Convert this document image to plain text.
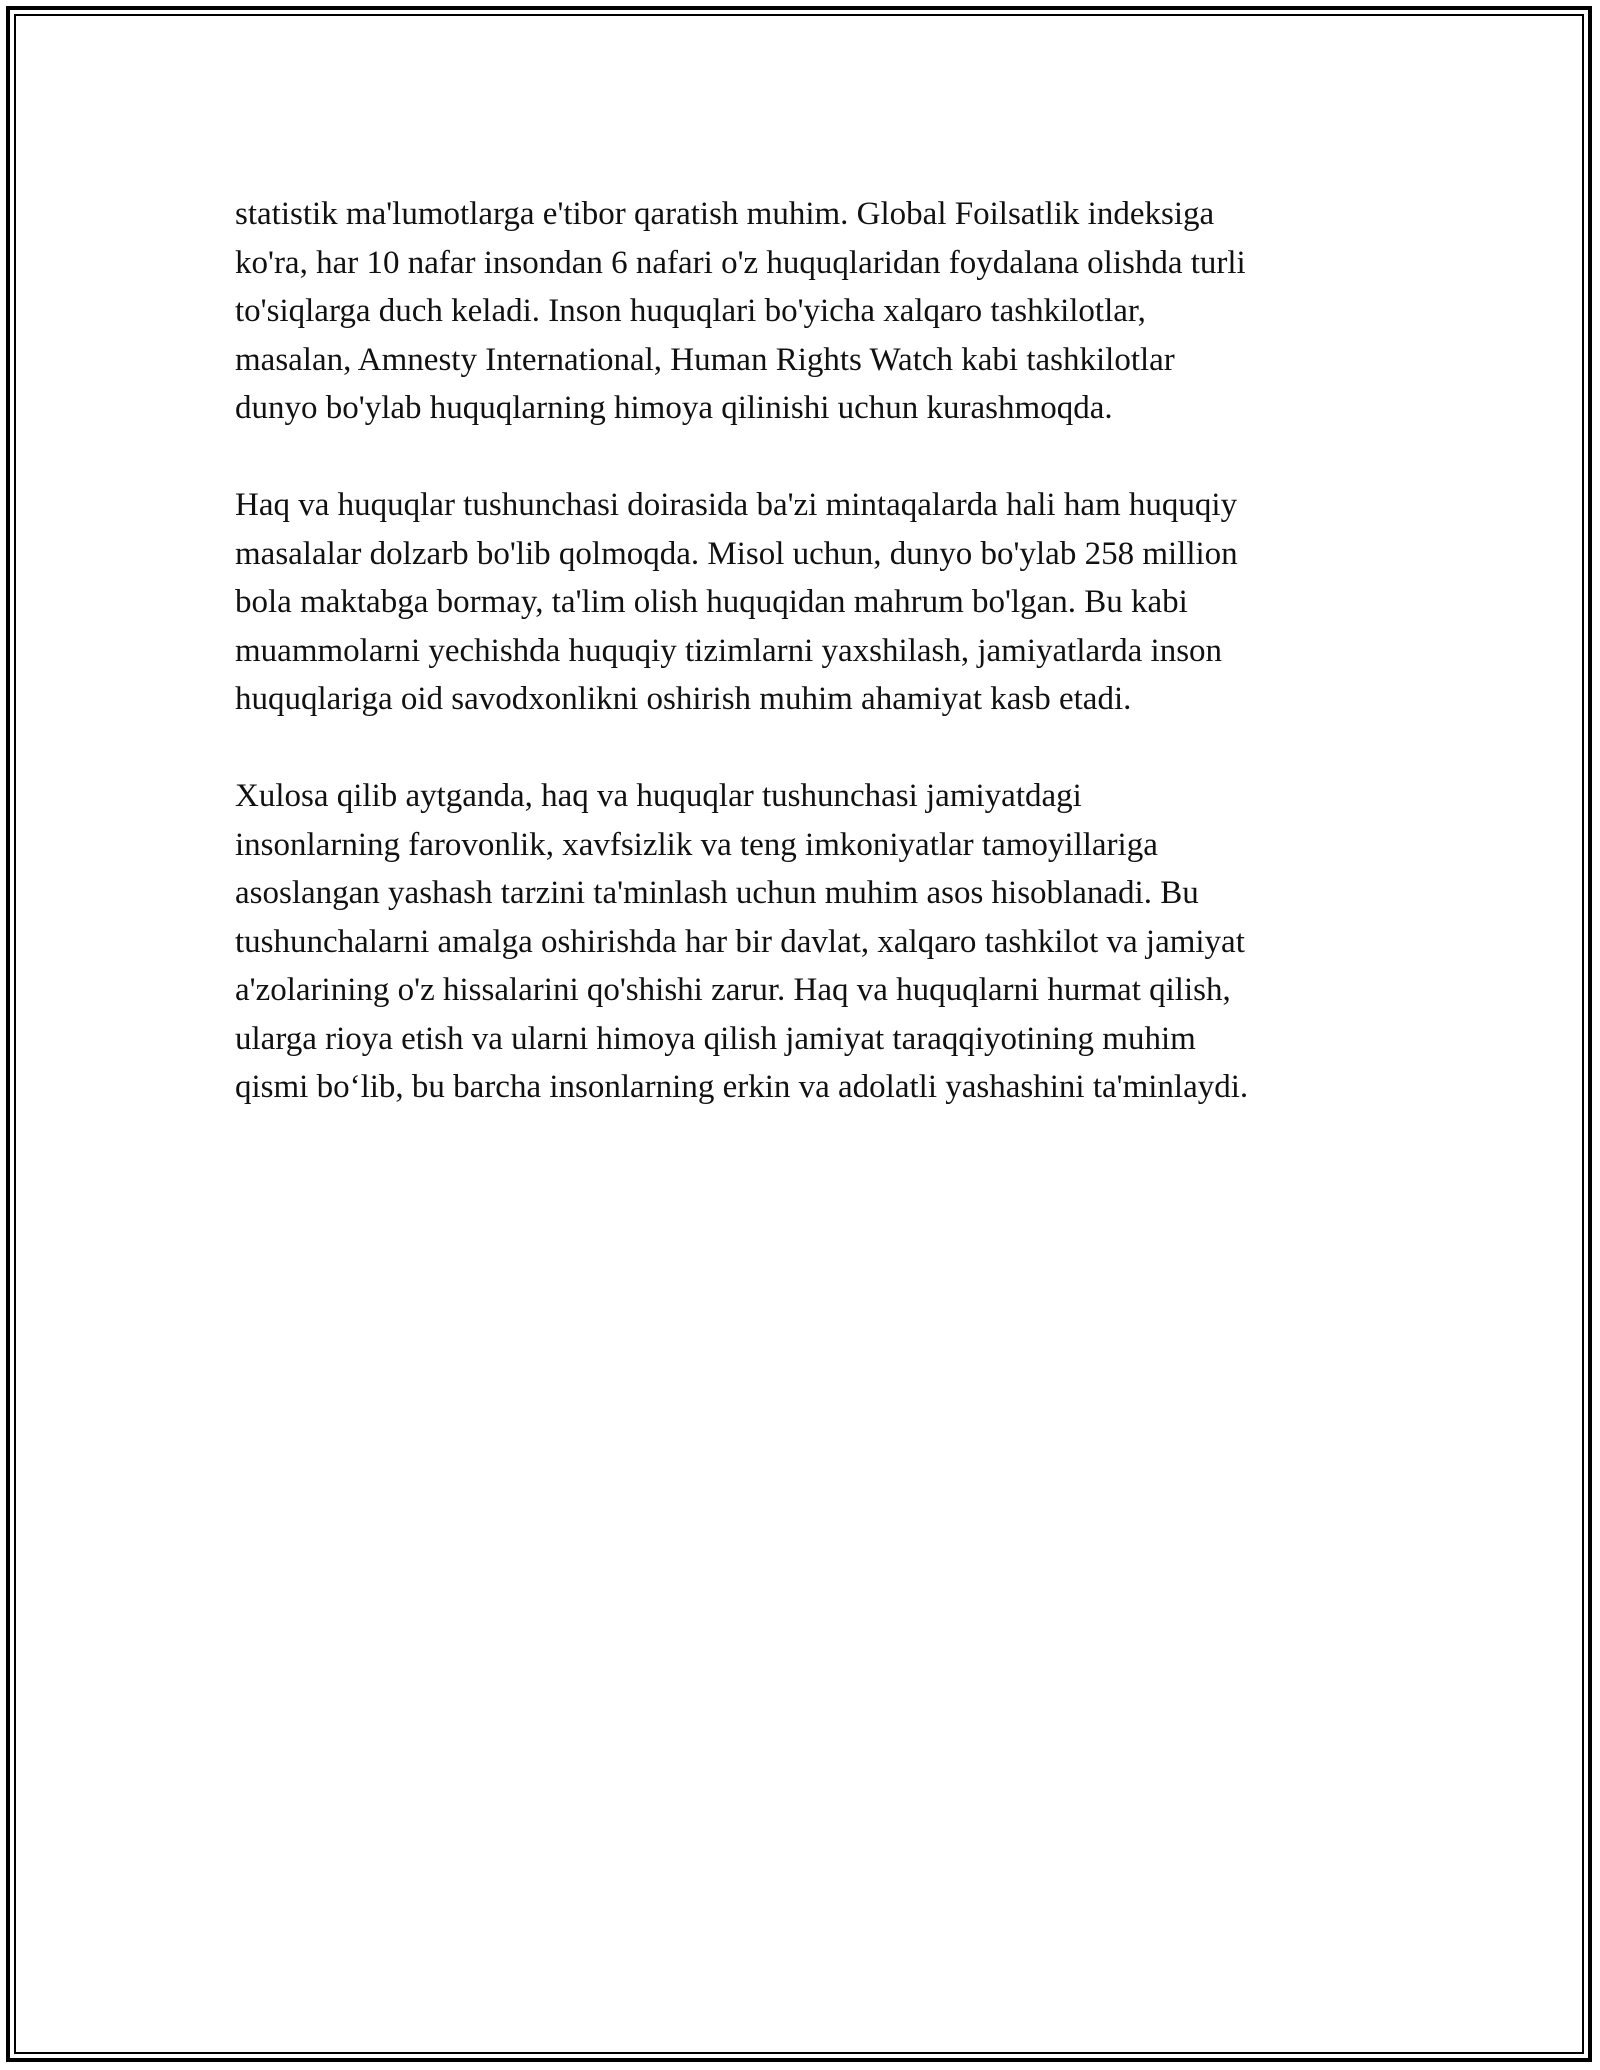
statistik ma'lumotlarga e'tibor qaratish muhim. Global Foilsatlik indeksiga
ko'ra, har 10 nafar insondan 6 nafari o'z huquqlaridan foydalana olishda turli
to'siqlarga duch keladi. Inson huquqlari bo'yicha xalqaro tashkilotlar,
masalan, Amnesty International, Human Rights Watch kabi tashkilotlar
dunyo bo'ylab huquqlarning himoya qilinishi uchun kurashmoqda.

Haq va huquqlar tushunchasi doirasida ba'zi mintaqalarda hali ham huquqiy
masalalar dolzarb bo'lib qolmoqda. Misol uchun, dunyo bo'ylab 258 million
bola maktabga bormay, ta'lim olish huquqidan mahrum bo'lgan. Bu kabi
muammolarni yechishda huquqiy tizimlarni yaxshilash, jamiyatlarda inson
huquqlariga oid savodxonlikni oshirish muhim ahamiyat kasb etadi.

Xulosa qilib aytganda, haq va huquqlar tushunchasi jamiyatdagi
insonlarning farovonlik, xavfsizlik va teng imkoniyatlar tamoyillariga
asoslangan yashash tarzini ta'minlash uchun muhim asos hisoblanadi. Bu
tushunchalarni amalga oshirishda har bir davlat, xalqaro tashkilot va jamiyat
a'zolarining o'z hissalarini qo'shishi zarur. Haq va huquqlarni hurmat qilish,
ularga rioya etish va ularni himoya qilish jamiyat taraqqiyotining muhim
qismi bo‘lib, bu barcha insonlarning erkin va adolatli yashashini ta'minlaydi.
